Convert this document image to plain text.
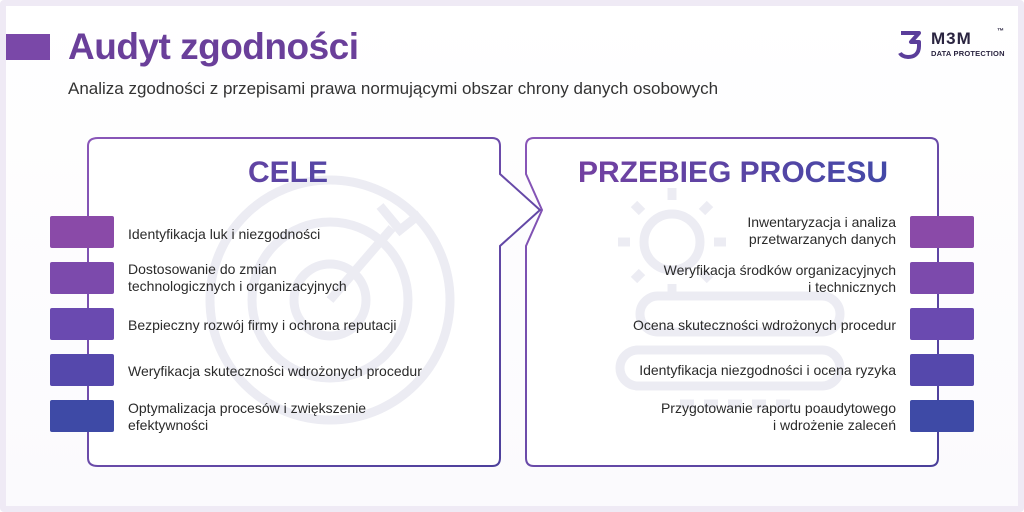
Audyt zgodności
Analiza zgodności z przepisami prawa normującymi obszar chrony danych osobowych
M3M	™
DATA PROTECTION
CELE	PRZEBIEG PROCESU
Identyfikacja luk i niezgodności
Dostosowanie do zmian
technologicznych i organizacyjnych
Bezpieczny rozwój firmy i ochrona reputacji
Weryfikacja skuteczności wdrożonych procedur
Optymalizacja procesów i zwiększenie
efektywności
Inwentaryzacja i analiza
przetwarzanych danych
Weryfikacja środków organizacyjnych
i technicznych
Ocena skuteczności wdrożonych procedur
Identyfikacja niezgodności i ocena ryzyka
Przygotowanie raportu poaudytowego
i wdrożenie zaleceń
